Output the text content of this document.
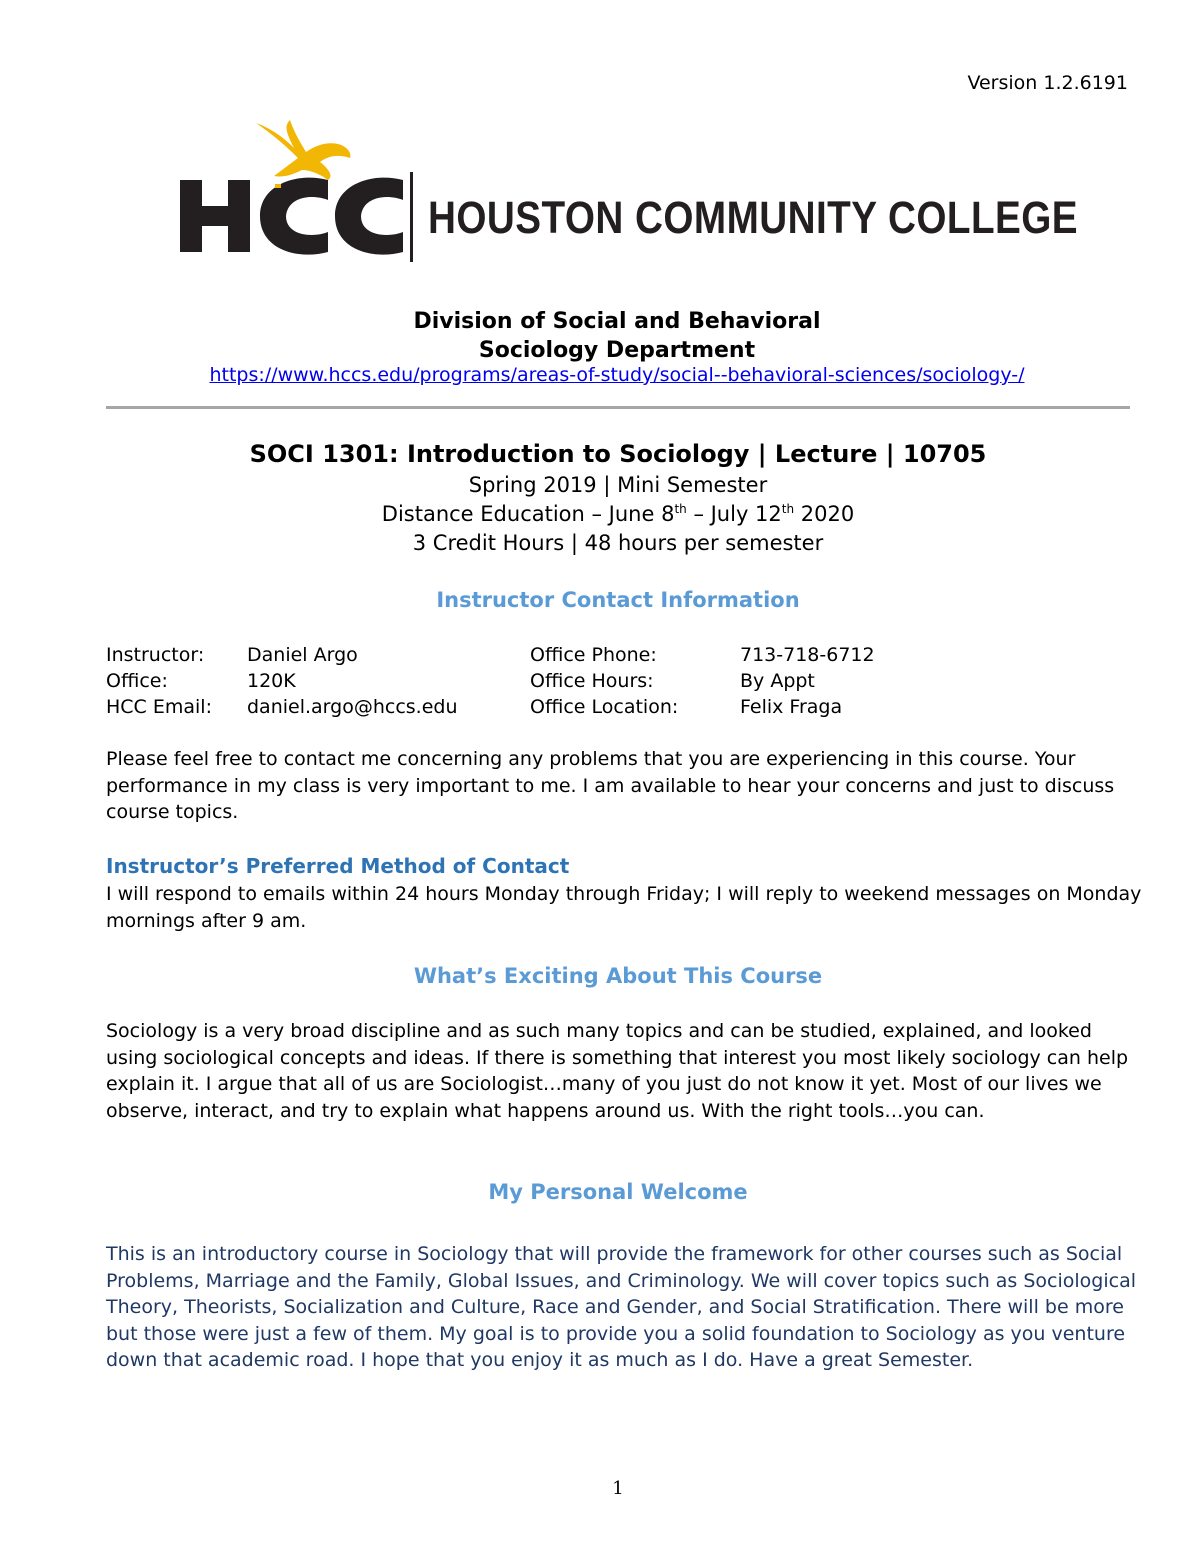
Version 1.2.6191
HOUSTON COMMUNITY COLLEGE
Division of Social and Behavioral
Sociology Department
https://www.hccs.edu/programs/areas-of-study/social--behavioral-sciences/sociology-/
SOCI 1301: Introduction to Sociology | Lecture | 10705
Spring 2019 | Mini Semester
Distance Education – June 8th – July 12th 2020
3 Credit Hours | 48 hours per semester
Instructor Contact Information
Instructor: Daniel Argo	Office Phone:	713-718-6712
Office:	120K	Office Hours:	By Appt
HCC Email: daniel.argo@hccs.edu	Office Location:	Felix Fraga
Please feel free to contact me concerning any problems that you are experiencing in this course. Your performance in my class is very important to me. I am available to hear your concerns and just to discuss course topics.
Instructor’s Preferred Method of Contact
I will respond to emails within 24 hours Monday through Friday; I will reply to weekend messages on Monday mornings after 9 am.
What’s Exciting About This Course
Sociology is a very broad discipline and as such many topics and can be studied, explained, and looked using sociological concepts and ideas. If there is something that interest you most likely sociology can help explain it. I argue that all of us are Sociologist…many of you just do not know it yet. Most of our lives we observe, interact, and try to explain what happens around us. With the right tools…you can.
My Personal Welcome
This is an introductory course in Sociology that will provide the framework for other courses such as Social Problems, Marriage and the Family, Global Issues, and Criminology. We will cover topics such as Sociological Theory, Theorists, Socialization and Culture, Race and Gender, and Social Stratification. There will be more but those were just a few of them. My goal is to provide you a solid foundation to Sociology as you venture down that academic road. I hope that you enjoy it as much as I do. Have a great Semester.
1
